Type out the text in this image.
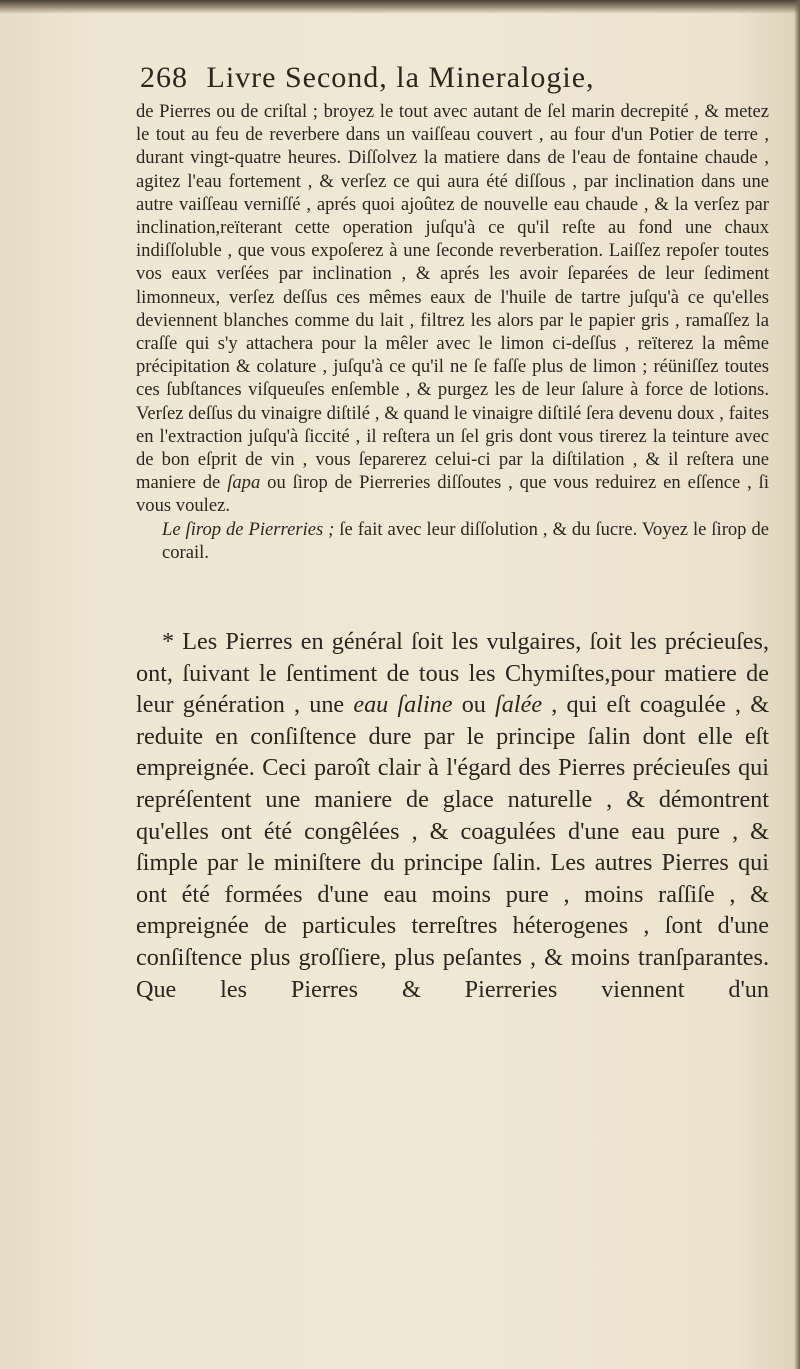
268 Livre Second, la Mineralogie,

de Pierres ou de criſtal ; broyez le tout avec autant de ſel marin decrepité , & metez le tout au feu de reverbere dans un vaiſſeau couvert , au four d'un Potier de terre , durant vingt-quatre heures. Diſſolvez la matiere dans de l'eau de fontaine chaude , agitez l'eau fortement , & verſez ce qui aura été diſſous , par inclination dans une autre vaiſſeau verniſſé , aprés quoi ajoûtez de nouvelle eau chaude , & la verſez par inclination,reïterant cette operation juſqu'à ce qu'il reſte au fond une chaux indiſſoluble , que vous expoſerez à une ſeconde reverberation. Laiſſez repoſer toutes vos eaux verſées par inclination , & aprés les avoir ſeparées de leur ſediment limonneux, verſez deſſus ces mêmes eaux de l'huile de tartre juſqu'à ce qu'elles deviennent blanches comme du lait , filtrez les alors par le papier gris , ramaſſez la craſſe qui s'y attachera pour la mêler avec le limon ci-deſſus , reïterez la même précipitation & colature , juſqu'à ce qu'il ne ſe faſſe plus de limon ; réüniſſez toutes ces ſubſtances viſqueuſes enſemble , & purgez les de leur ſalure à force de lotions. Verſez deſſus du vinaigre diſtilé , & quand le vinaigre diſtilé ſera devenu doux , faites en l'extraction juſqu'à ſiccité , il reſtera un ſel gris dont vous tirerez la teinture avec de bon eſprit de vin , vous ſeparerez celui-ci par la diſtilation , & il reſtera une maniere de ſapa ou ſirop de Pierreries diſſoutes , que vous reduirez en eſſence , ſi vous voulez.

Le ſirop de Pierreries ; ſe fait avec leur diſſolution , & du ſucre. Voyez le ſirop de corail.

* Les Pierres en général ſoit les vulgaires, ſoit les précieuſes, ont, ſuivant le ſentiment de tous les Chymiſtes,pour matiere de leur génération , une eau ſaline ou ſalée , qui eſt coagulée , & reduite en conſiſtence dure par le principe ſalin dont elle eſt empreignée. Ceci paroît clair à l'égard des Pierres précieuſes qui repréſentent une maniere de glace naturelle , & démontrent qu'elles ont été congêlées , & coagulées d'une eau pure , & ſimple par le miniſtere du principe ſalin. Les autres Pierres qui ont été formées d'une eau moins pure , moins raſſiſe , & empreignée de particules terreſtres héterogenes , ſont d'une conſiſtence plus groſſiere, plus peſantes , & moins tranſparantes. Que les Pierres & Pierreries viennent d'un
